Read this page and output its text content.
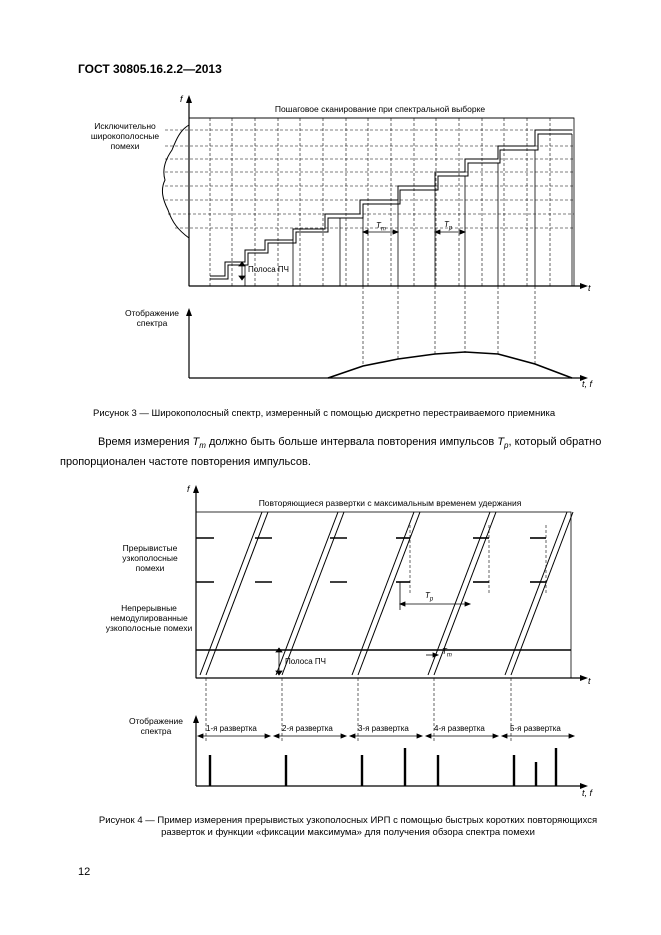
ГОСТ 30805.16.2.2—2013
f
Пошаговое сканирование при спектральной выборке
Исключительно широкополосные помехи
Полоса ПЧ
$T_m$
$T_p$
t
Отображение спектра
t, f
Рисунок 3 — Широкополосный спектр, измеренный с помощью дискретно перестраиваемого приемника
Время измерения $T_m$ должно быть больше интервала повторения импульсов $T_p$, который обратно
пропорционален частоте повторения импульсов.
f
Повторяющиеся развертки с максимальным временем удержания
Прерывистые узкополосные помехи
Непрерывные немодулированные узкополосные помехи
Полоса ПЧ
$T_p$
$T_m$
t
Отображение спектра	1-я развертка	2-я развертка	3-я развертка	4-я развертка	5-я развертка
t, f
Рисунок 4 — Пример измерения прерывистых узкополосных ИРП с помощью быстрых коротких повторяющихся
разверток и функции «фиксации максимума» для получения обзора спектра помехи
12
